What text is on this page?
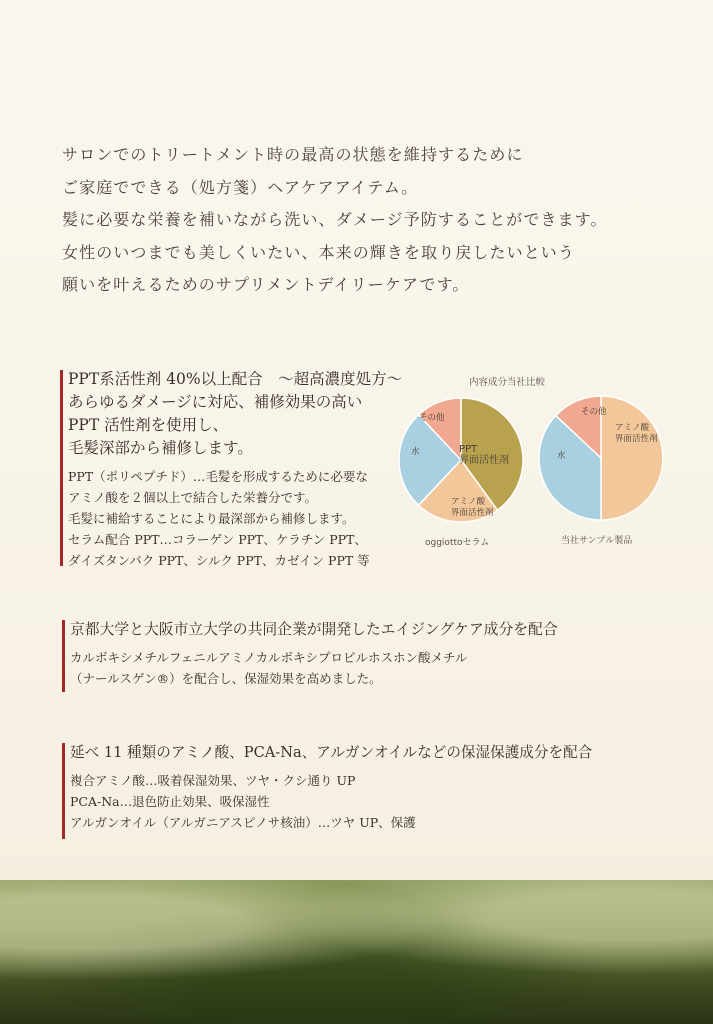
サロンでのトリートメント時の最高の状態を維持するために
ご家庭でできる（処方箋）ヘアケアアイテム。
髪に必要な栄養を補いながら洗い、ダメージ予防することができます。
女性のいつまでも美しくいたい、本来の輝きを取り戻したいという
願いを叶えるためのサプリメントデイリーケアです。
PPT系活性剤 40%以上配合　～超高濃度処方～
あらゆるダメージに対応、補修効果の高い
PPT 活性剤を使用し、
毛髪深部から補修します。
PPT（ポリペプチド）…毛髪を形成するために必要な
アミノ酸を２個以上で結合した栄養分です。
毛髪に補給することにより最深部から補修します。
セラム配合 PPT…コラーゲン PPT、ケラチン PPT、
ダイズタンパク PPT、シルク PPT、カゼイン PPT 等
内容成分当社比較
PPT 界面活性剤
アミノ酸界面活性剤
水
その他
アミノ酸界面活性剤
水
その他
oggiottoセラム	当社サンプル製品
京都大学と大阪市立大学の共同企業が開発したエイジングケア成分を配合
カルボキシメチルフェニルアミノカルボキシプロピルホスホン酸メチル
（ナールスゲン®）を配合し、保湿効果を高めました。
延べ 11 種類のアミノ酸、PCA-Na、アルガンオイルなどの保湿保護成分を配合
複合アミノ酸…吸着保湿効果、ツヤ・クシ通り UP
PCA-Na…退色防止効果、吸保湿性
アルガンオイル（アルガニアスピノサ核油）…ツヤ UP、保護
